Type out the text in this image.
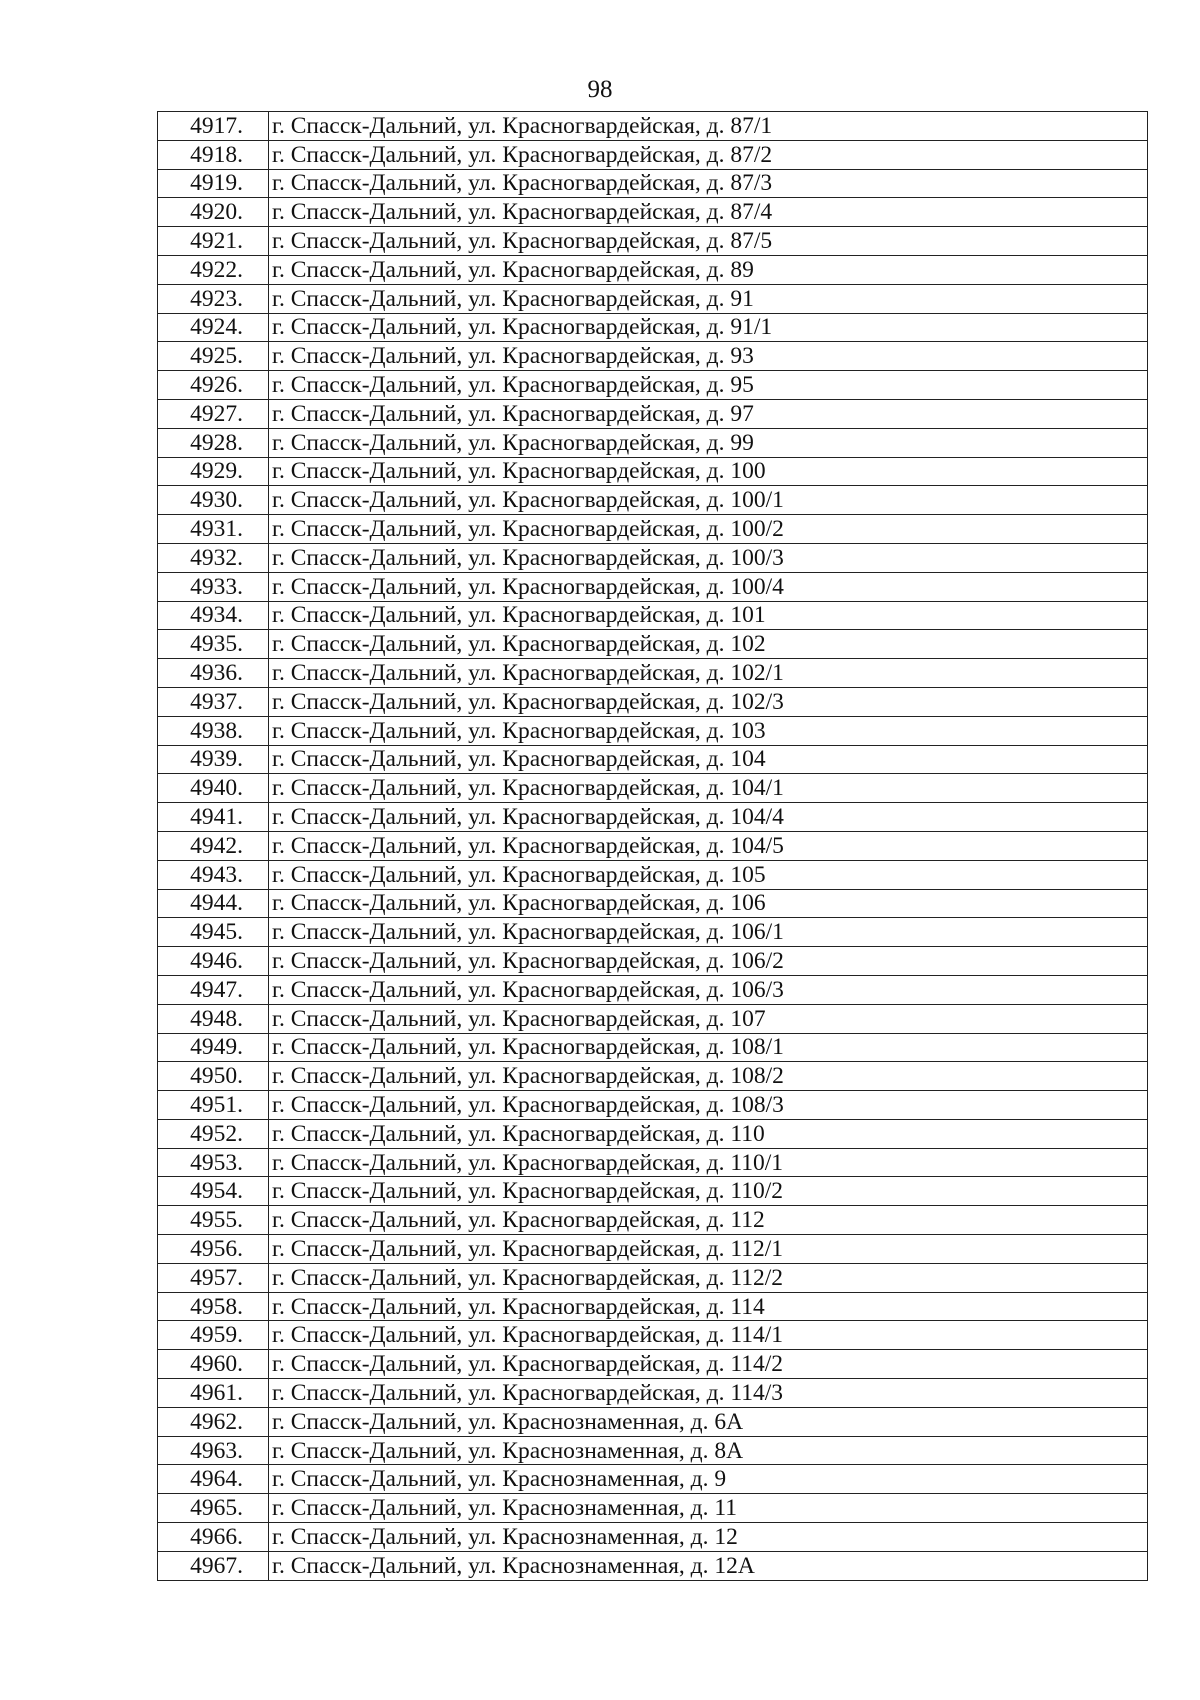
98
4917.	г. Спасск-Дальний, ул. Красногвардейская, д. 87/1
4918.	г. Спасск-Дальний, ул. Красногвардейская, д. 87/2
4919.	г. Спасск-Дальний, ул. Красногвардейская, д. 87/3
4920.	г. Спасск-Дальний, ул. Красногвардейская, д. 87/4
4921.	г. Спасск-Дальний, ул. Красногвардейская, д. 87/5
4922.	г. Спасск-Дальний, ул. Красногвардейская, д. 89
4923.	г. Спасск-Дальний, ул. Красногвардейская, д. 91
4924.	г. Спасск-Дальний, ул. Красногвардейская, д. 91/1
4925.	г. Спасск-Дальний, ул. Красногвардейская, д. 93
4926.	г. Спасск-Дальний, ул. Красногвардейская, д. 95
4927.	г. Спасск-Дальний, ул. Красногвардейская, д. 97
4928.	г. Спасск-Дальний, ул. Красногвардейская, д. 99
4929.	г. Спасск-Дальний, ул. Красногвардейская, д. 100
4930.	г. Спасск-Дальний, ул. Красногвардейская, д. 100/1
4931.	г. Спасск-Дальний, ул. Красногвардейская, д. 100/2
4932.	г. Спасск-Дальний, ул. Красногвардейская, д. 100/3
4933.	г. Спасск-Дальний, ул. Красногвардейская, д. 100/4
4934.	г. Спасск-Дальний, ул. Красногвардейская, д. 101
4935.	г. Спасск-Дальний, ул. Красногвардейская, д. 102
4936.	г. Спасск-Дальний, ул. Красногвардейская, д. 102/1
4937.	г. Спасск-Дальний, ул. Красногвардейская, д. 102/3
4938.	г. Спасск-Дальний, ул. Красногвардейская, д. 103
4939.	г. Спасск-Дальний, ул. Красногвардейская, д. 104
4940.	г. Спасск-Дальний, ул. Красногвардейская, д. 104/1
4941.	г. Спасск-Дальний, ул. Красногвардейская, д. 104/4
4942.	г. Спасск-Дальний, ул. Красногвардейская, д. 104/5
4943.	г. Спасск-Дальний, ул. Красногвардейская, д. 105
4944.	г. Спасск-Дальний, ул. Красногвардейская, д. 106
4945.	г. Спасск-Дальний, ул. Красногвардейская, д. 106/1
4946.	г. Спасск-Дальний, ул. Красногвардейская, д. 106/2
4947.	г. Спасск-Дальний, ул. Красногвардейская, д. 106/3
4948.	г. Спасск-Дальний, ул. Красногвардейская, д. 107
4949.	г. Спасск-Дальний, ул. Красногвардейская, д. 108/1
4950.	г. Спасск-Дальний, ул. Красногвардейская, д. 108/2
4951.	г. Спасск-Дальний, ул. Красногвардейская, д. 108/3
4952.	г. Спасск-Дальний, ул. Красногвардейская, д. 110
4953.	г. Спасск-Дальний, ул. Красногвардейская, д. 110/1
4954.	г. Спасск-Дальний, ул. Красногвардейская, д. 110/2
4955.	г. Спасск-Дальний, ул. Красногвардейская, д. 112
4956.	г. Спасск-Дальний, ул. Красногвардейская, д. 112/1
4957.	г. Спасск-Дальний, ул. Красногвардейская, д. 112/2
4958.	г. Спасск-Дальний, ул. Красногвардейская, д. 114
4959.	г. Спасск-Дальний, ул. Красногвардейская, д. 114/1
4960.	г. Спасск-Дальний, ул. Красногвардейская, д. 114/2
4961.	г. Спасск-Дальний, ул. Красногвардейская, д. 114/3
4962.	г. Спасск-Дальний, ул. Краснознаменная, д. 6А
4963.	г. Спасск-Дальний, ул. Краснознаменная, д. 8А
4964.	г. Спасск-Дальний, ул. Краснознаменная, д. 9
4965.	г. Спасск-Дальний, ул. Краснознаменная, д. 11
4966.	г. Спасск-Дальний, ул. Краснознаменная, д. 12
4967.	г. Спасск-Дальний, ул. Краснознаменная, д. 12А
